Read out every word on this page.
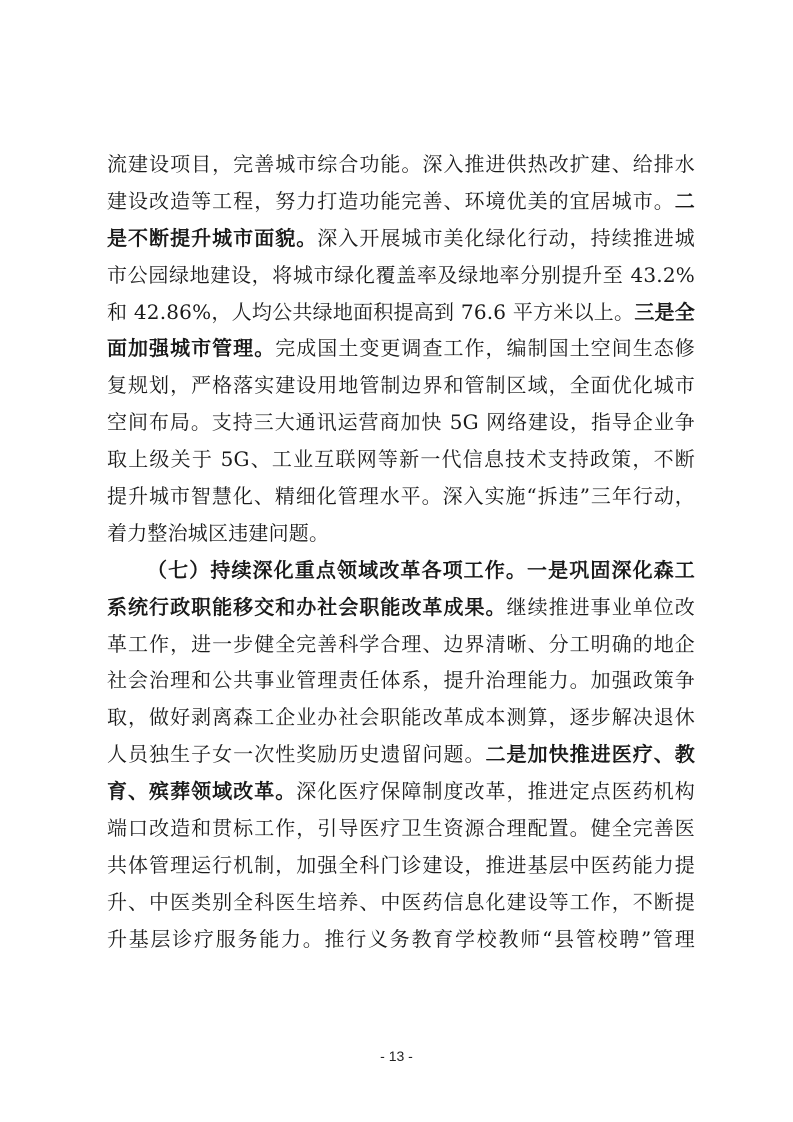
流建设项目，完善城市综合功能。深入推进供热改扩建、给排水
建设改造等工程，努力打造功能完善、环境优美的宜居城市。二
是不断提升城市面貌。深入开展城市美化绿化行动，持续推进城
市公园绿地建设，将城市绿化覆盖率及绿地率分别提升至 43.2%
和 42.86%，人均公共绿地面积提高到 76.6 平方米以上。三是全
面加强城市管理。完成国土变更调查工作，编制国土空间生态修
复规划，严格落实建设用地管制边界和管制区域，全面优化城市
空间布局。支持三大通讯运营商加快 5G 网络建设，指导企业争
取上级关于 5G、工业互联网等新一代信息技术支持政策，不断
提升城市智慧化、精细化管理水平。深入实施“拆违”三年行动，
着力整治城区违建问题。
（七）持续深化重点领域改革各项工作。一是巩固深化森工
系统行政职能移交和办社会职能改革成果。继续推进事业单位改
革工作，进一步健全完善科学合理、边界清晰、分工明确的地企
社会治理和公共事业管理责任体系，提升治理能力。加强政策争
取，做好剥离森工企业办社会职能改革成本测算，逐步解决退休
人员独生子女一次性奖励历史遗留问题。二是加快推进医疗、教
育、殡葬领域改革。深化医疗保障制度改革，推进定点医药机构
端口改造和贯标工作，引导医疗卫生资源合理配置。健全完善医
共体管理运行机制，加强全科门诊建设，推进基层中医药能力提
升、中医类别全科医生培养、中医药信息化建设等工作，不断提
升基层诊疗服务能力。推行义务教育学校教师“县管校聘”管理
- 13 -
